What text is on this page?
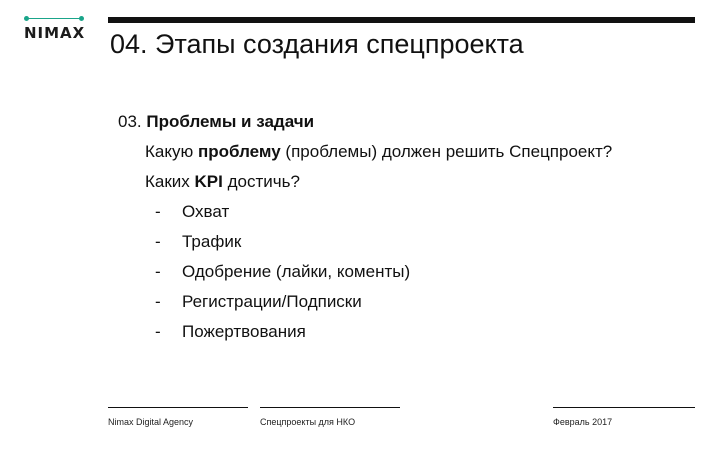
NIMAX 04. Этапы создания спецпроекта

03. Проблемы и задачи

Какую проблему (проблемы) должен решить Спецпроект?

Каких KPI достичь?

- Охват
- Трафик
- Одобрение (лайки, коменты)
- Регистрации/Подписки
- Пожертвования
Nimax Digital Agency	Спецпроекты для НКО	Февраль 2017
